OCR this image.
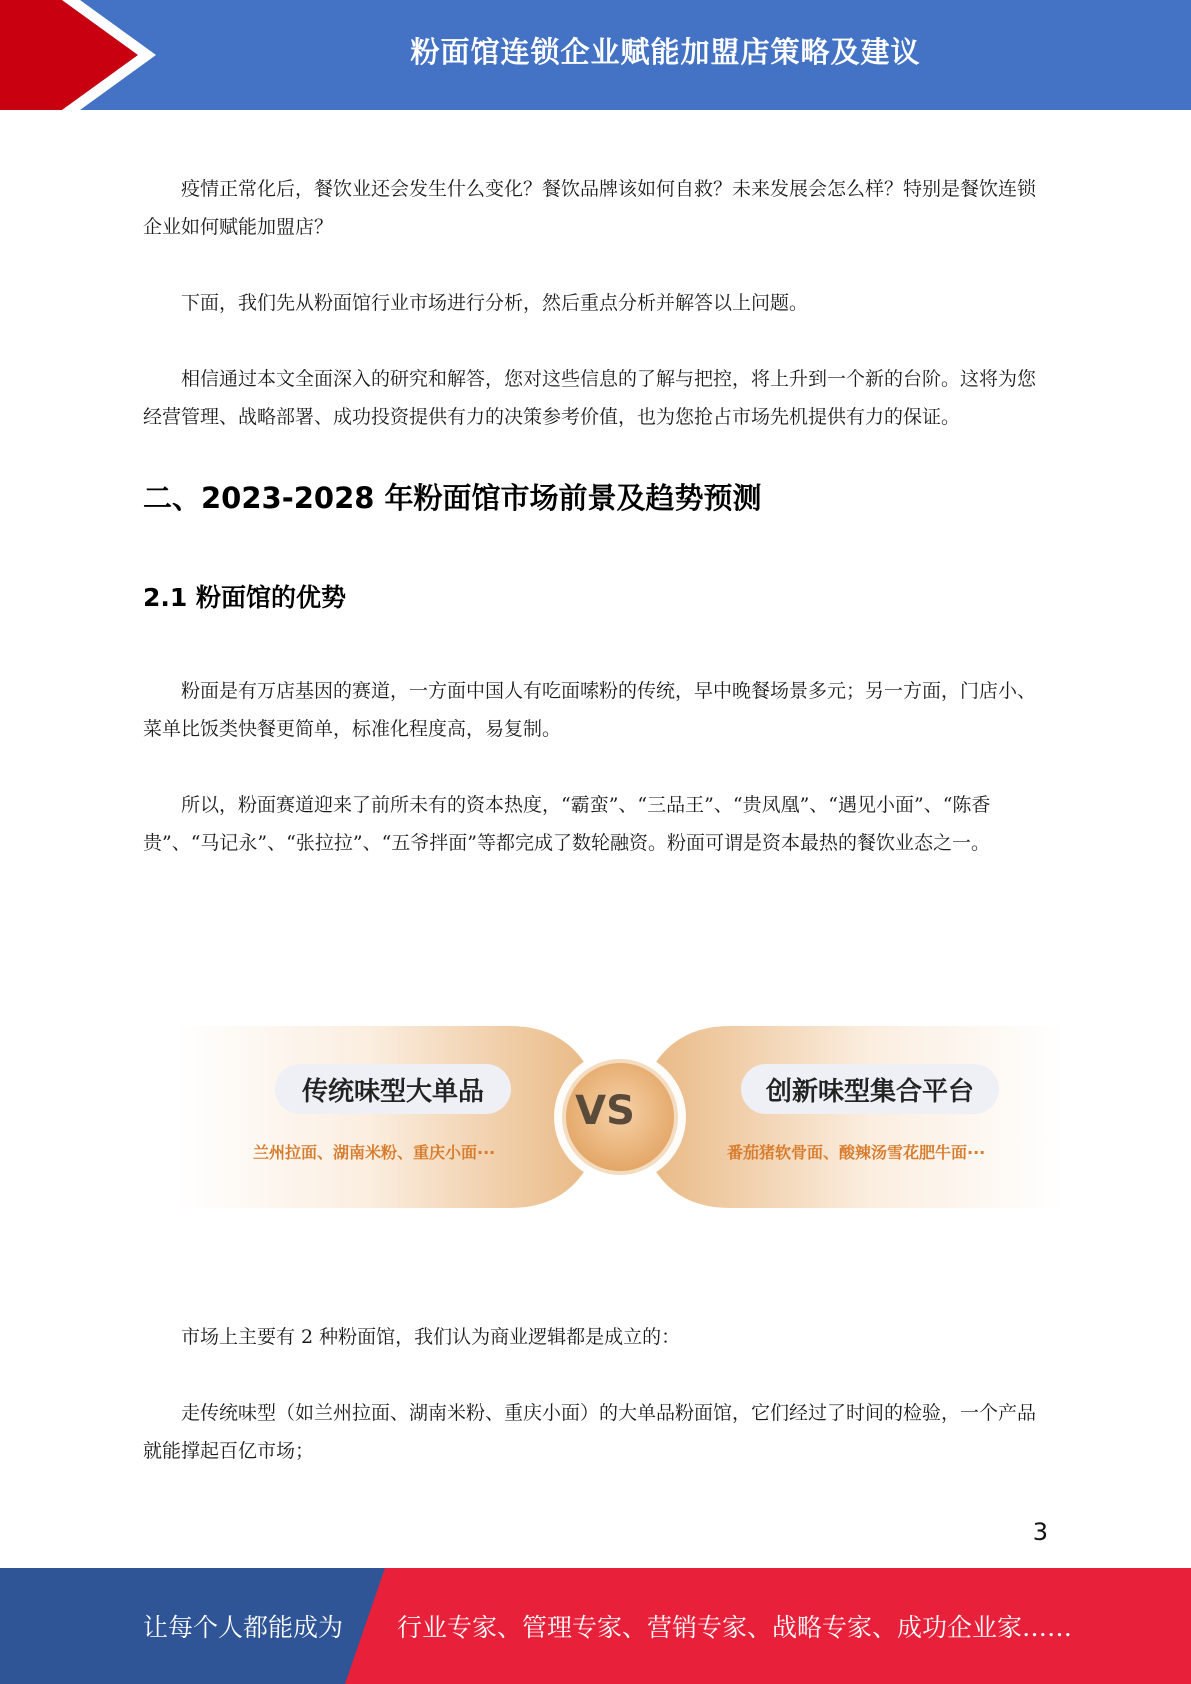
粉面馆连锁企业赋能加盟店策略及建议

疫情正常化后，餐饮业还会发生什么变化？餐饮品牌该如何自救？未来发展会怎么样？特别是餐饮连锁企业如何赋能加盟店？

下面，我们先从粉面馆行业市场进行分析，然后重点分析并解答以上问题。

相信通过本文全面深入的研究和解答，您对这些信息的了解与把控，将上升到一个新的台阶。这将为您经营管理、战略部署、成功投资提供有力的决策参考价值，也为您抢占市场先机提供有力的保证。

二、2023-2028 年粉面馆市场前景及趋势预测
2.1 粉面馆的优势

粉面是有万店基因的赛道，一方面中国人有吃面嗦粉的传统，早中晚餐场景多元；另一方面，门店小、菜单比饭类快餐更简单，标准化程度高，易复制。

所以，粉面赛道迎来了前所未有的资本热度，“霸蛮”、“三品王”、“贵凤凰”、“遇见小面”、“陈香贵”、“马记永”、“张拉拉”、“五爷拌面”等都完成了数轮融资。粉面可谓是资本最热的餐饮业态之一。

传统味型大单品
兰州拉面、湖南米粉、重庆小面···
VS	创新味型集合平台
番茄猪软骨面、酸辣汤雪花肥牛面···

市场上主要有 2 种粉面馆，我们认为商业逻辑都是成立的：

走传统味型（如兰州拉面、湖南米粉、重庆小面）的大单品粉面馆，它们经过了时间的检验，一个产品就能撑起百亿市场；

3
让每个人都能成为 行业专家、管理专家、营销专家、战略专家、成功企业家……
